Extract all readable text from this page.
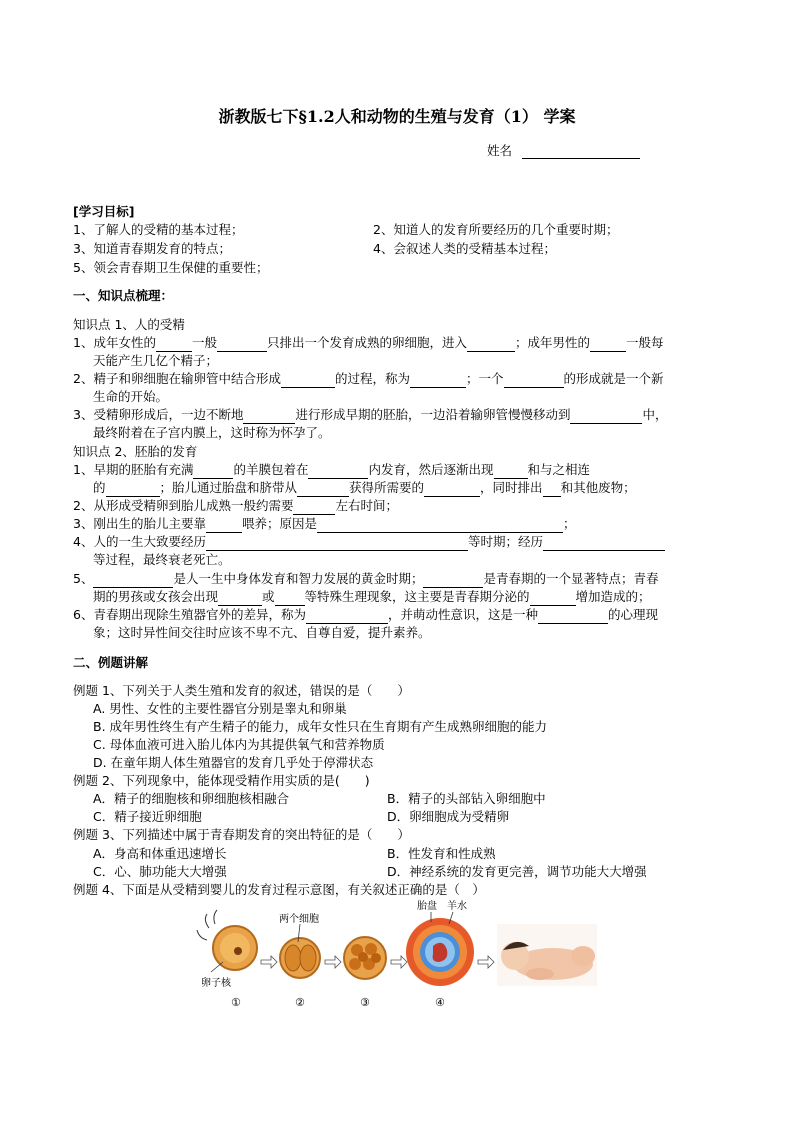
浙教版七下§1.2人和动物的生殖与发育（1） 学案
姓名
[学习目标]
1、了解人的受精的基本过程；	2、知道人的发育所要经历的几个重要时期；
3、知道青春期发育的特点；	4、会叙述人类的受精基本过程；
5、领会青春期卫生保健的重要性；
一、知识点梳理：
知识点 1、人的受精
1、成年女性的	一般	只排出一个发育成熟的卵细胞，进入	；成年男性的	一般每
天能产生几亿个精子；
2、精子和卵细胞在输卵管中结合形成	的过程，称为	；一个	的形成就是一个新
生命的开始。
3、受精卵形成后，一边不断地	进行形成早期的胚胎，一边沿着输卵管慢慢移动到	中，
最终附着在子宫内膜上，这时称为怀孕了。
知识点 2、胚胎的发育
1、早期的胚胎有充满	的羊膜包着在	内发育，然后逐渐出现	和与之相连
的	；胎儿通过胎盘和脐带从	获得所需要的	，同时排出 和其他废物；
2、从形成受精卵到胎儿成熟一般约需要	左右时间；
3、刚出生的胎儿主要靠	喂养；原因是	；
4、人的一生大致要经历	等时期；经历
等过程，最终衰老死亡。
5、	是人一生中身体发育和智力发展的黄金时期；	是青春期的一个显著特点；青春
期的男孩或女孩会出现	或 等特殊生理现象，这主要是青春期分泌的	增加造成的；
6、青春期出现除生殖器官外的差异，称为	，并萌动性意识，这是一种	的心理现
象；这时异性间交往时应该不卑不亢、自尊自爱，提升素养。
二、例题讲解
例题 1、下列关于人类生殖和发育的叙述，错误的是（　　）
A. 男性、女性的主要性器官分别是睾丸和卵巢
B. 成年男性终生有产生精子的能力，成年女性只在生育期有产生成熟卵细胞的能力
C. 母体血液可进入胎儿体内为其提供氧气和营养物质
D. 在童年期人体生殖器官的发育几乎处于停滞状态
例题 2、下列现象中，能体现受精作用实质的是(　　)
A．精子的细胞核和卵细胞核相融合	B．精子的头部钻入卵细胞中
C．精子接近卵细胞	D．卵细胞成为受精卵
例题 3、下列描述中属于青春期发育的突出特征的是（　　）
A．身高和体重迅速增长	B．性发育和性成熟
C．心、肺功能大大增强	D．神经系统的发育更完善，调节功能大大增强
例题 4、下面是从受精到婴儿的发育过程示意图，有关叙述正确的是（　）
卵子核
①
两个细胞
②	③
胎盘 羊水
④
